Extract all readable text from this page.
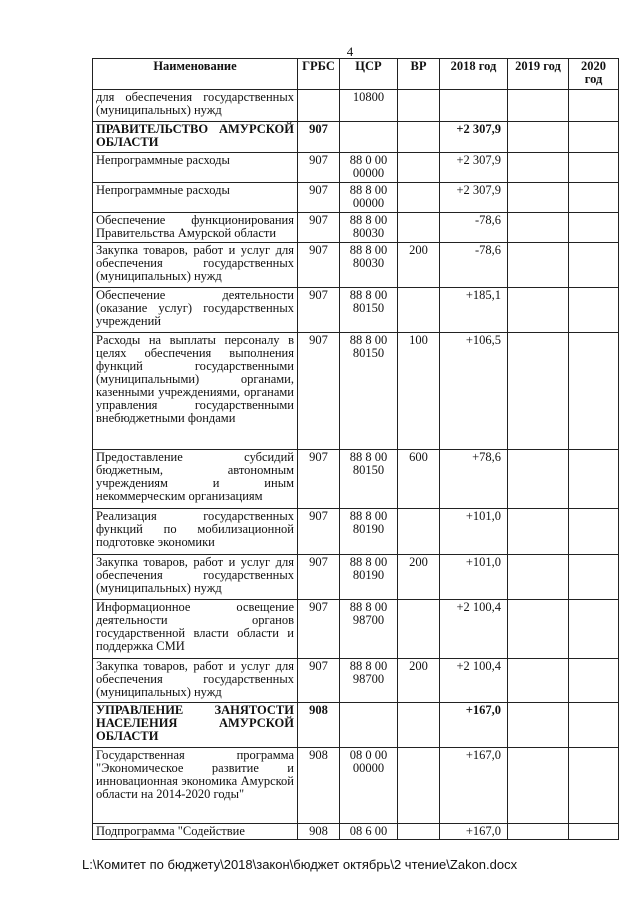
4
Наименование	ГРБС	ЦСР	ВР	2018 год	2019 год	2020 год
для обеспечения государственных (муниципальных) нужд		10800				
ПРАВИТЕЛЬСТВО АМУРСКОЙ ОБЛАСТИ	907			+2 307,9		
Непрограммные расходы	907	88 0 00 00000		+2 307,9		
Непрограммные расходы	907	88 8 00 00000		+2 307,9		
Обеспечение функционирования Правительства Амурской области	907	88 8 00 80030		-78,6		
Закупка товаров, работ и услуг для обеспечения государственных (муниципальных) нужд	907	88 8 00 80030	200	-78,6		
Обеспечение деятельности (оказание услуг) государственных учреждений	907	88 8 00 80150		+185,1		
Расходы на выплаты персоналу в целях обеспечения выполнения функций государственными (муниципальными) органами, казенными учреждениями, органами управления государственными внебюджетными фондами	907	88 8 00 80150	100	+106,5		
Предоставление субсидий бюджетным, автономным учреждениям и иным некоммерческим организациям	907	88 8 00 80150	600	+78,6		
Реализация государственных функций по мобилизационной подготовке экономики	907	88 8 00 80190		+101,0		
Закупка товаров, работ и услуг для обеспечения государственных (муниципальных) нужд	907	88 8 00 80190	200	+101,0		
Информационное освещение деятельности органов государственной власти области и поддержка СМИ	907	88 8 00 98700		+2 100,4		
Закупка товаров, работ и услуг для обеспечения государственных (муниципальных) нужд	907	88 8 00 98700	200	+2 100,4		
УПРАВЛЕНИЕ ЗАНЯТОСТИ НАСЕЛЕНИЯ АМУРСКОЙ ОБЛАСТИ	908			+167,0		
Государственная программа "Экономическое развитие и инновационная экономика Амурской области на 2014-2020 годы"	908	08 0 00 00000		+167,0		
Подпрограмма "Содействие	908	08 6 00		+167,0		
L:\Комитет по бюджету\2018\закон\бюджет октябрь\2 чтение\Zakon.docx
